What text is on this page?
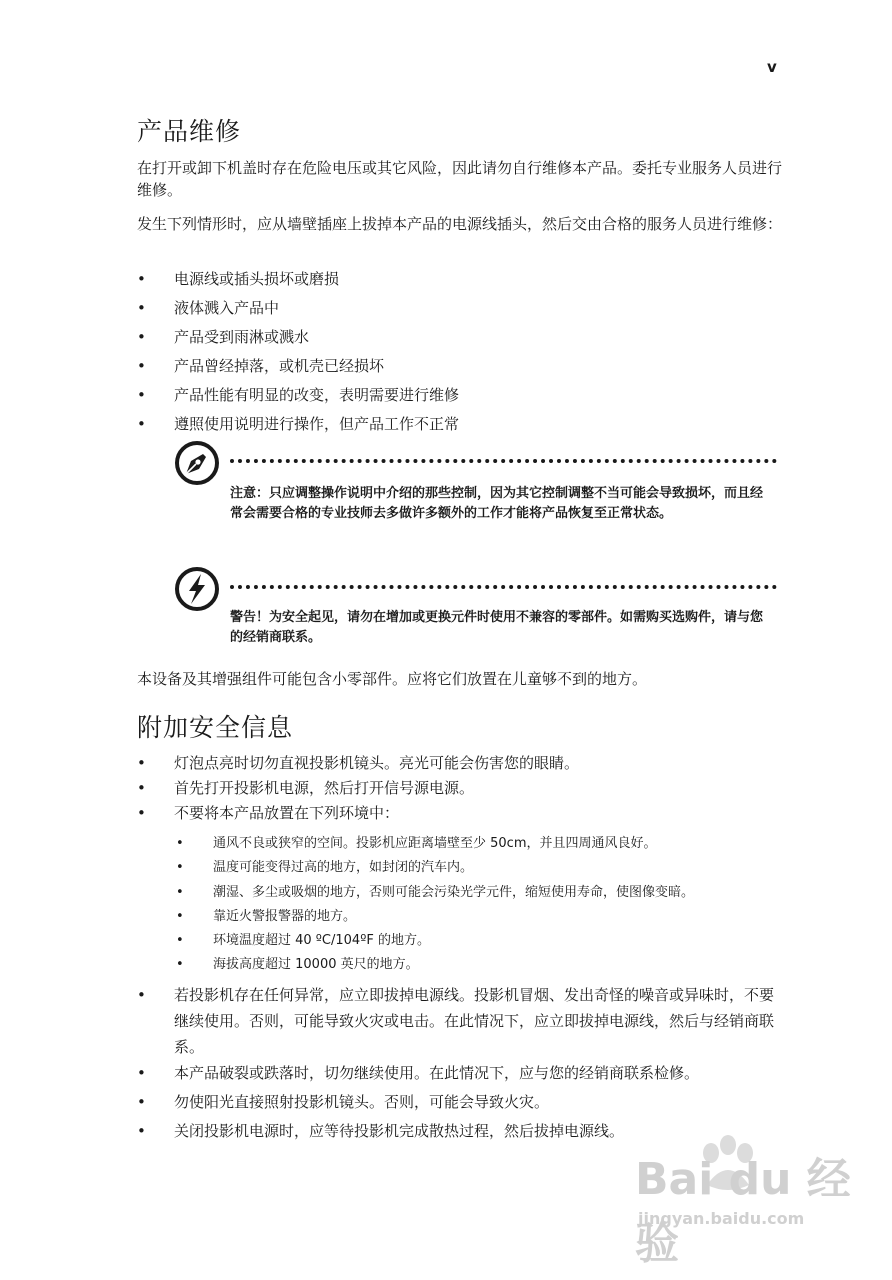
v
产品维修
在打开或卸下机盖时存在危险电压或其它风险，因此请勿自行维修本产品。委托专业服务人员进行维修。
发生下列情形时，应从墙壁插座上拔掉本产品的电源线插头，然后交由合格的服务人员进行维修：
• 电源线或插头损坏或磨损
• 液体溅入产品中
• 产品受到雨淋或溅水
• 产品曾经掉落，或机壳已经损坏
• 产品性能有明显的改变，表明需要进行维修
• 遵照使用说明进行操作，但产品工作不正常
注意：只应调整操作说明中介绍的那些控制，因为其它控制调整不当可能会导致损坏，而且经常会需要合格的专业技师去多做许多额外的工作才能将产品恢复至正常状态。
警告！为安全起见，请勿在增加或更换元件时使用不兼容的零部件。如需购买选购件，请与您的经销商联系。
本设备及其增强组件可能包含小零部件。应将它们放置在儿童够不到的地方。
附加安全信息
• 灯泡点亮时切勿直视投影机镜头。亮光可能会伤害您的眼睛。
• 首先打开投影机电源，然后打开信号源电源。
• 不要将本产品放置在下列环境中：
• 通风不良或狭窄的空间。投影机应距离墙壁至少 50cm，并且四周通风良好。
• 温度可能变得过高的地方，如封闭的汽车内。
• 潮湿、多尘或吸烟的地方，否则可能会污染光学元件，缩短使用寿命，使图像变暗。
• 靠近火警报警器的地方。
• 环境温度超过 40 ºC/104ºF 的地方。
• 海拔高度超过 10000 英尺的地方。
• 若投影机存在任何异常，应立即拔掉电源线。投影机冒烟、发出奇怪的噪音或异味时，不要继续使用。否则，可能导致火灾或电击。在此情况下，应立即拔掉电源线，然后与经销商联系。
• 本产品破裂或跌落时，切勿继续使用。在此情况下，应与您的经销商联系检修。
• 勿使阳光直接照射投影机镜头。否则，可能会导致火灾。
• 关闭投影机电源时，应等待投影机完成散热过程，然后拔掉电源线。
Bai du 经验
jingyan.baidu.com
